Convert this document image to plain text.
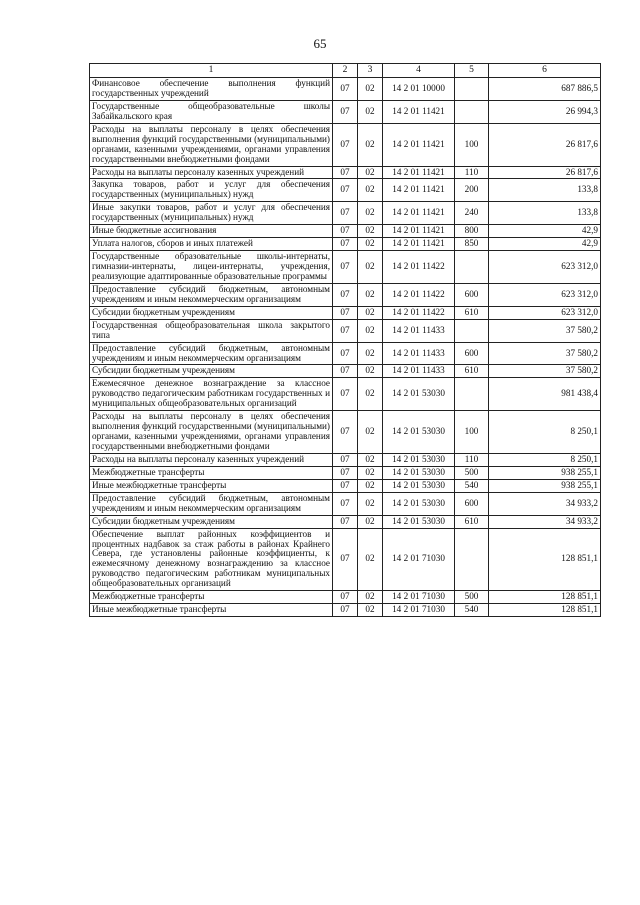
65
1	2	3	4	5	6
Финансовое обеспечение выполнения функций государственных учреждений	07	02	14 2 01 10000		687 886,5
Государственные общеобразовательные школы Забайкальского края	07	02	14 2 01 11421		26 994,3
Расходы на выплаты персоналу в целях обеспечения выполнения функций государственными (муниципальными) органами, казенными учреждениями, органами управления государственными внебюджетными фондами	07	02	14 2 01 11421	100	26 817,6
Расходы на выплаты персоналу казенных учреждений	07	02	14 2 01 11421	110	26 817,6
Закупка товаров, работ и услуг для обеспечения государственных (муниципальных) нужд	07	02	14 2 01 11421	200	133,8
Иные закупки товаров, работ и услуг для обеспечения государственных (муниципальных) нужд	07	02	14 2 01 11421	240	133,8
Иные бюджетные ассигнования	07	02	14 2 01 11421	800	42,9
Уплата налогов, сборов и иных платежей	07	02	14 2 01 11421	850	42,9
Государственные образовательные школы-интернаты, гимназии-интернаты, лицеи-интернаты, учреждения, реализующие адаптированные образовательные программы	07	02	14 2 01 11422		623 312,0
Предоставление субсидий бюджетным, автономным учреждениям и иным некоммерческим организациям	07	02	14 2 01 11422	600	623 312,0
Субсидии бюджетным учреждениям	07	02	14 2 01 11422	610	623 312,0
Государственная общеобразовательная школа закрытого типа	07	02	14 2 01 11433		37 580,2
Предоставление субсидий бюджетным, автономным учреждениям и иным некоммерческим организациям	07	02	14 2 01 11433	600	37 580,2
Субсидии бюджетным учреждениям	07	02	14 2 01 11433	610	37 580,2
Ежемесячное денежное вознаграждение за классное руководство педагогическим работникам государственных и муниципальных общеобразовательных организаций	07	02	14 2 01 53030		981 438,4
Расходы на выплаты персоналу в целях обеспечения выполнения функций государственными (муниципальными) органами, казенными учреждениями, органами управления государственными внебюджетными фондами	07	02	14 2 01 53030	100	8 250,1
Расходы на выплаты персоналу казенных учреждений	07	02	14 2 01 53030	110	8 250,1
Межбюджетные трансферты	07	02	14 2 01 53030	500	938 255,1
Иные межбюджетные трансферты	07	02	14 2 01 53030	540	938 255,1
Предоставление субсидий бюджетным, автономным учреждениям и иным некоммерческим организациям	07	02	14 2 01 53030	600	34 933,2
Субсидии бюджетным учреждениям	07	02	14 2 01 53030	610	34 933,2
Обеспечение выплат районных коэффициентов и процентных надбавок за стаж работы в районах Крайнего Севера, где установлены районные коэффициенты, к ежемесячному денежному вознаграждению за классное руководство педагогическим работникам муниципальных общеобразовательных организаций	07	02	14 2 01 71030		128 851,1
Межбюджетные трансферты	07	02	14 2 01 71030	500	128 851,1
Иные межбюджетные трансферты	07	02	14 2 01 71030	540	128 851,1
